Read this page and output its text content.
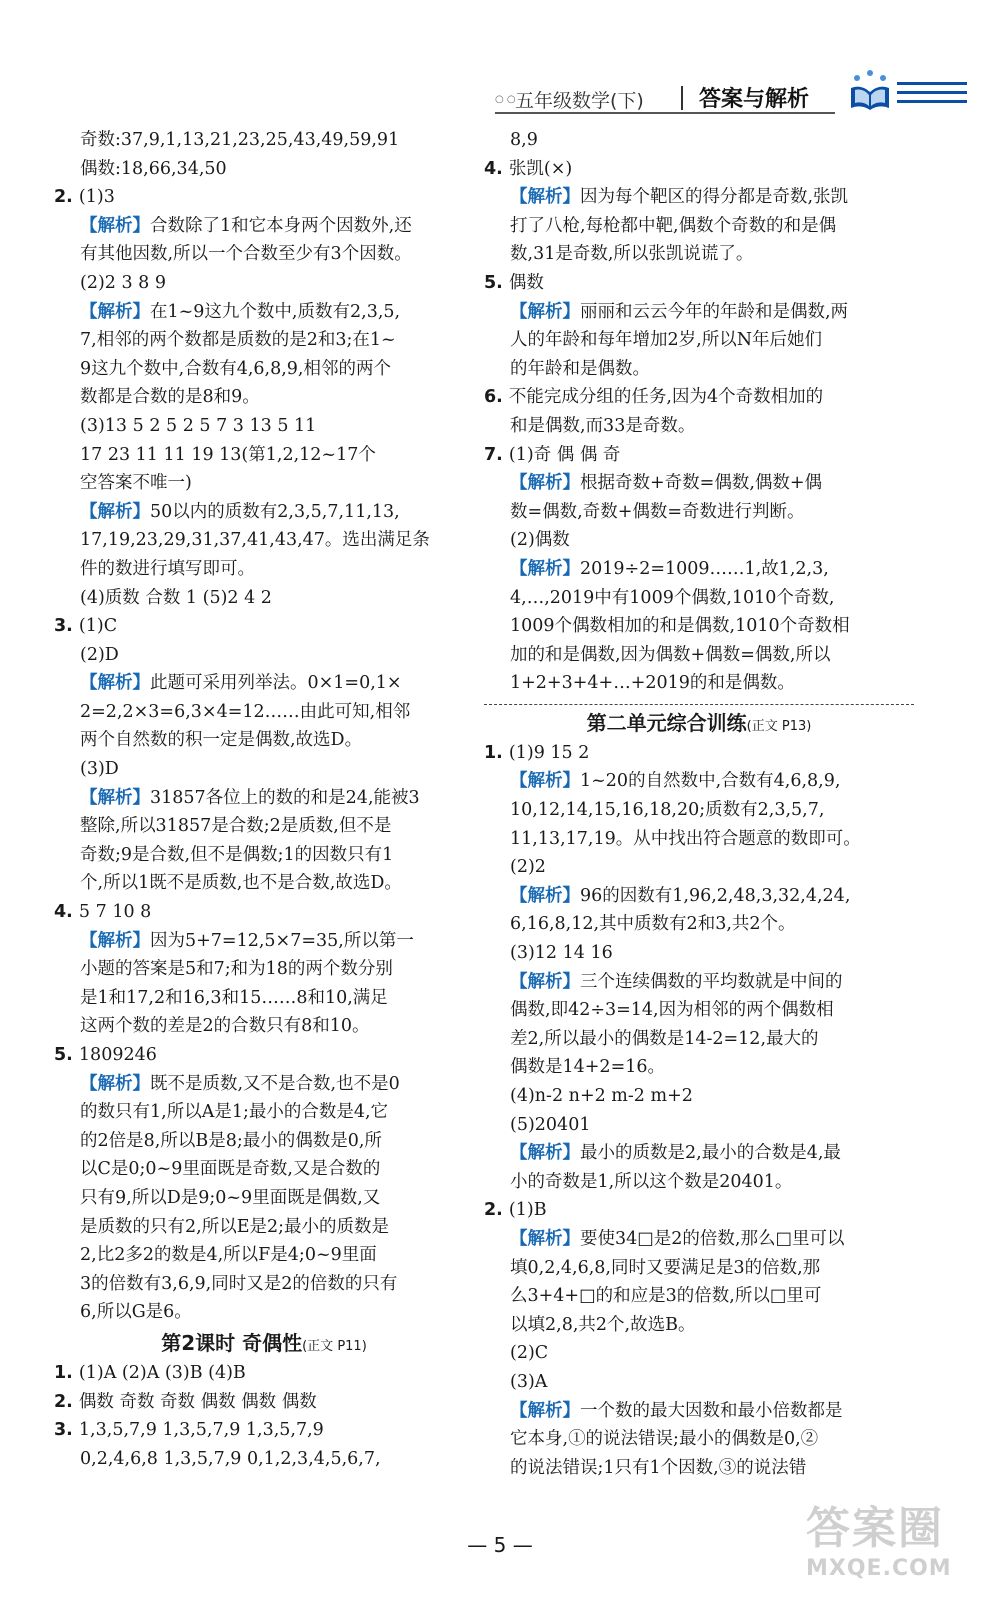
○ ○ 五年级数学(下)	答案与解析
奇数:37,9,1,13,21,23,25,43,49,59,91
偶数:18,66,34,50
2. (1)3
【解析】合数除了1和它本身两个因数外,还
有其他因数,所以一个合数至少有3个因数。
(2)2 3 8 9
【解析】在1~9这九个数中,质数有2,3,5,
7,相邻的两个数都是质数的是2和3;在1~
9这九个数中,合数有4,6,8,9,相邻的两个
数都是合数的是8和9。
(3)13 5 2 5 2 5 7 3 13 5 11
17 23 11 11 19 13(第1,2,12~17个
空答案不唯一)
【解析】50以内的质数有2,3,5,7,11,13,
17,19,23,29,31,37,41,43,47。选出满足条
件的数进行填写即可。
(4)质数 合数 1 (5)2 4 2
3. (1)C
(2)D
【解析】此题可采用列举法。0×1=0,1×
2=2,2×3=6,3×4=12……由此可知,相邻
两个自然数的积一定是偶数,故选D。
(3)D
【解析】31857各位上的数的和是24,能被3
整除,所以31857是合数;2是质数,但不是
奇数;9是合数,但不是偶数;1的因数只有1
个,所以1既不是质数,也不是合数,故选D。
4. 5 7 10 8
【解析】因为5+7=12,5×7=35,所以第一
小题的答案是5和7;和为18的两个数分别
是1和17,2和16,3和15……8和10,满足
这两个数的差是2的合数只有8和10。
5. 1809246
【解析】既不是质数,又不是合数,也不是0
的数只有1,所以A是1;最小的合数是4,它
的2倍是8,所以B是8;最小的偶数是0,所
以C是0;0~9里面既是奇数,又是合数的
只有9,所以D是9;0~9里面既是偶数,又
是质数的只有2,所以E是2;最小的质数是
2,比2多2的数是4,所以F是4;0~9里面
3的倍数有3,6,9,同时又是2的倍数的只有
6,所以G是6。
第2课时 奇偶性(正文 P11)
1. (1)A (2)A (3)B (4)B
2. 偶数 奇数 奇数 偶数 偶数 偶数
3. 1,3,5,7,9 1,3,5,7,9 1,3,5,7,9
0,2,4,6,8 1,3,5,7,9 0,1,2,3,4,5,6,7,
8,9
4. 张凯(×)
【解析】因为每个靶区的得分都是奇数,张凯
打了八枪,每枪都中靶,偶数个奇数的和是偶
数,31是奇数,所以张凯说谎了。
5. 偶数
【解析】丽丽和云云今年的年龄和是偶数,两
人的年龄和每年增加2岁,所以N年后她们
的年龄和是偶数。
6. 不能完成分组的任务,因为4个奇数相加的
和是偶数,而33是奇数。
7. (1)奇 偶 偶 奇
【解析】根据奇数+奇数=偶数,偶数+偶
数=偶数,奇数+偶数=奇数进行判断。
(2)偶数
【解析】2019÷2=1009……1,故1,2,3,
4,…,2019中有1009个偶数,1010个奇数,
1009个偶数相加的和是偶数,1010个奇数相
加的和是偶数,因为偶数+偶数=偶数,所以
1+2+3+4+…+2019的和是偶数。
第二单元综合训练(正文 P13)
1. (1)9 15 2
【解析】1~20的自然数中,合数有4,6,8,9,
10,12,14,15,16,18,20;质数有2,3,5,7,
11,13,17,19。从中找出符合题意的数即可。
(2)2
【解析】96的因数有1,96,2,48,3,32,4,24,
6,16,8,12,其中质数有2和3,共2个。
(3)12 14 16
【解析】三个连续偶数的平均数就是中间的
偶数,即42÷3=14,因为相邻的两个偶数相
差2,所以最小的偶数是14-2=12,最大的
偶数是14+2=16。
(4)n-2 n+2 m-2 m+2
(5)20401
【解析】最小的质数是2,最小的合数是4,最
小的奇数是1,所以这个数是20401。
2. (1)B
【解析】要使34□是2的倍数,那么□里可以
填0,2,4,6,8,同时又要满足是3的倍数,那
么3+4+□的和应是3的倍数,所以□里可
以填2,8,共2个,故选B。
(2)C
(3)A
【解析】一个数的最大因数和最小倍数都是
它本身,①的说法错误;最小的偶数是0,②
的说法错误;1只有1个因数,③的说法错
— 5 —	答案圈
MXQE.COM
